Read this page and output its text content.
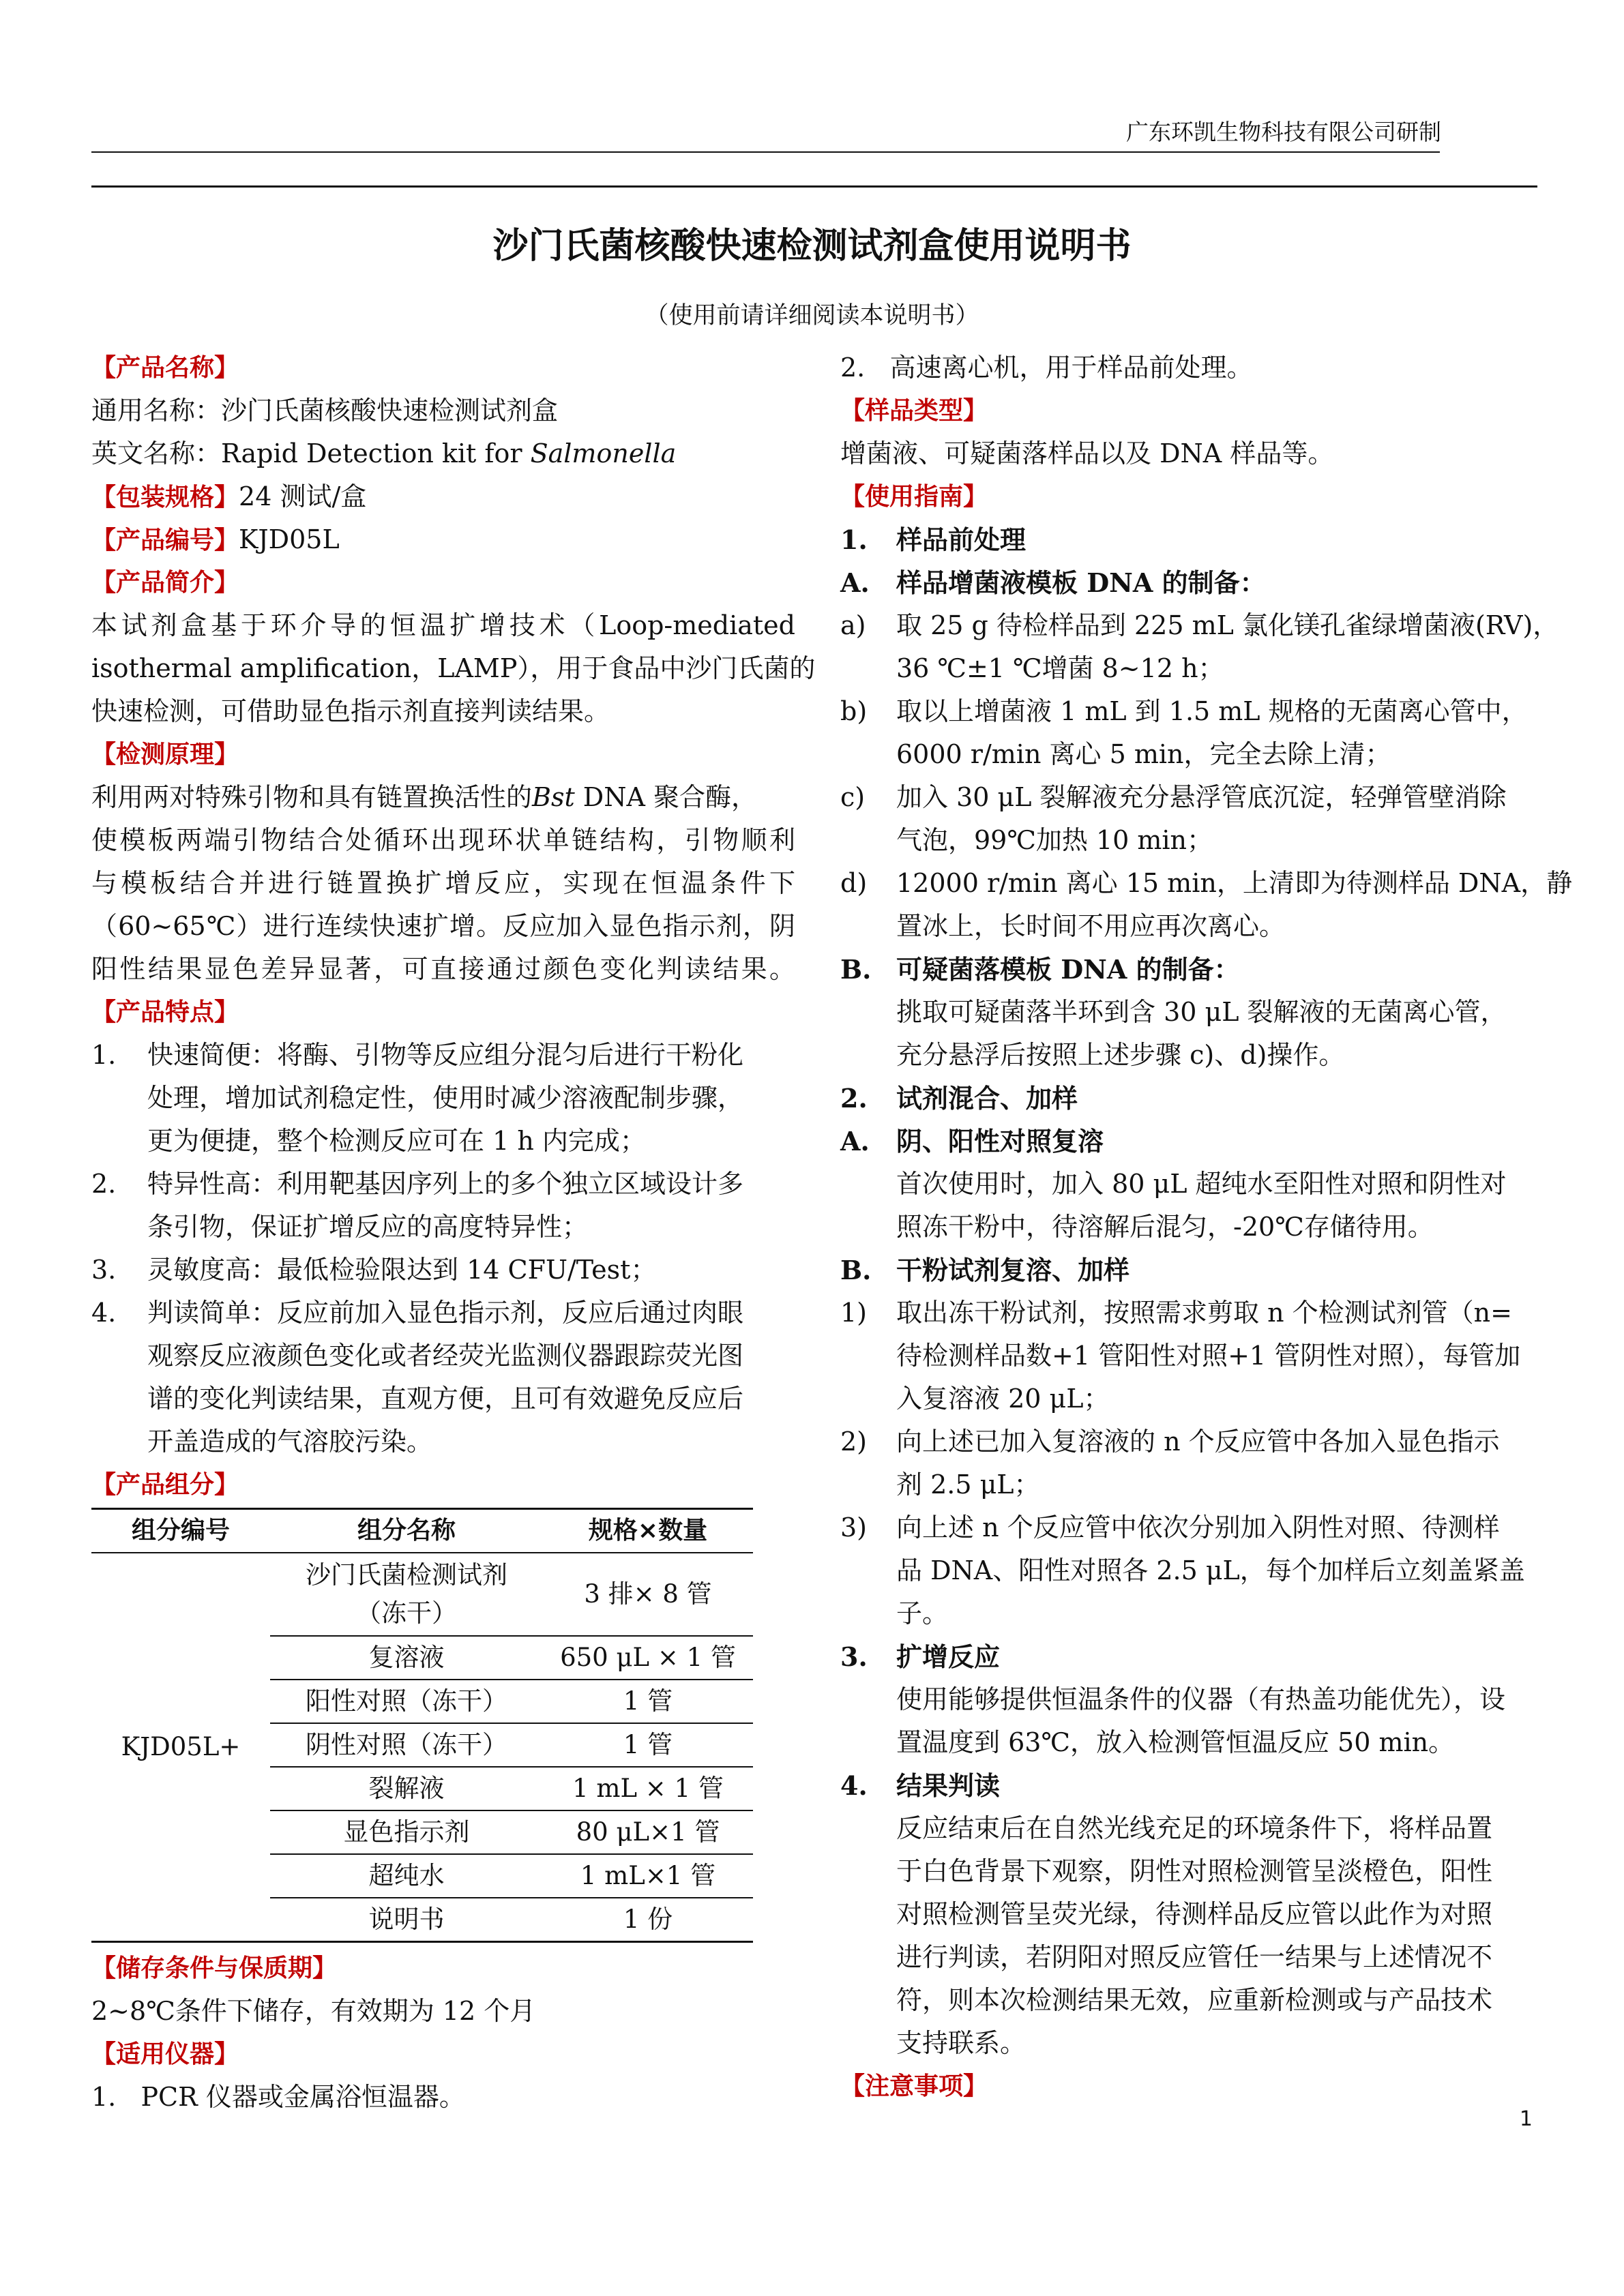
广东环凯生物科技有限公司研制
沙门氏菌核酸快速检测试剂盒使用说明书
（使用前请详细阅读本说明书）
【产品名称】
通用名称：沙门氏菌核酸快速检测试剂盒
英文名称：Rapid Detection kit for Salmonella
【包装规格】24 测试/盒
【产品编号】KJD05L
【产品简介】
本试剂盒基于环介导的恒温扩增技术（Loop-mediated
isothermal amplification，LAMP），用于食品中沙门氏菌的
快速检测，可借助显色指示剂直接判读结果。
【检测原理】
利用两对特殊引物和具有链置换活性的Bst DNA 聚合酶，
使模板两端引物结合处循环出现环状单链结构，引物顺利
与模板结合并进行链置换扩增反应，实现在恒温条件下
（60~65℃）进行连续快速扩增。反应加入显色指示剂，阴
阳性结果显色差异显著，可直接通过颜色变化判读结果。
【产品特点】
1.	快速简便：将酶、引物等反应组分混匀后进行干粉化
处理，增加试剂稳定性，使用时减少溶液配制步骤，
更为便捷，整个检测反应可在 1 h 内完成；
2.	特异性高：利用靶基因序列上的多个独立区域设计多
条引物，保证扩增反应的高度特异性；
3.	灵敏度高：最低检验限达到 14 CFU/Test；
4.	判读简单：反应前加入显色指示剂，反应后通过肉眼
观察反应液颜色变化或者经荧光监测仪器跟踪荧光图
谱的变化判读结果，直观方便，且可有效避免反应后
开盖造成的气溶胶污染。
【产品组分】
组分编号	组分名称	规格×数量
KJD05L+	沙门氏菌检测试剂（冻干）	3 排× 8 管
	复溶液	650 μL × 1 管
	阳性对照（冻干）	1 管
	阴性对照（冻干）	1 管
	裂解液	1 mL × 1 管
	显色指示剂	80 μL×1 管
	超纯水	1 mL×1 管
	说明书	1 份
【储存条件与保质期】
2~8℃条件下储存，有效期为 12 个月
【适用仪器】
1.   PCR 仪器或金属浴恒温器。
2.   高速离心机，用于样品前处理。
【样品类型】
增菌液、可疑菌落样品以及 DNA 样品等。
【使用指南】
1.	样品前处理
A.	样品增菌液模板 DNA 的制备：
a)	取 25 g 待检样品到 225 mL 氯化镁孔雀绿增菌液(RV)，
36 ℃±1 ℃增菌 8~12 h；
b)	取以上增菌液 1 mL 到 1.5 mL 规格的无菌离心管中，
6000 r/min 离心 5 min，完全去除上清；
c)	加入 30 μL 裂解液充分悬浮管底沉淀，轻弹管壁消除
气泡，99℃加热 10 min；
d)	12000 r/min 离心 15 min，上清即为待测样品 DNA，静
置冰上，长时间不用应再次离心。
B. 可疑菌落模板 DNA 的制备：
挑取可疑菌落半环到含 30 μL 裂解液的无菌离心管，
充分悬浮后按照上述步骤 c)、d)操作。
2.	试剂混合、加样
A.	阴、阳性对照复溶
首次使用时，加入 80 μL 超纯水至阳性对照和阴性对
照冻干粉中，待溶解后混匀，-20℃存储待用。
B. 干粉试剂复溶、加样
1)	取出冻干粉试剂，按照需求剪取 n 个检测试剂管（n=
待检测样品数+1 管阳性对照+1 管阴性对照），每管加
入复溶液 20 μL；
2)	向上述已加入复溶液的 n 个反应管中各加入显色指示
剂 2.5 μL；
3)	向上述 n 个反应管中依次分别加入阴性对照、待测样
品 DNA、阳性对照各 2.5 μL，每个加样后立刻盖紧盖
子。
3.	扩增反应
使用能够提供恒温条件的仪器（有热盖功能优先），设
置温度到 63℃，放入检测管恒温反应 50 min。
4.	结果判读
反应结束后在自然光线充足的环境条件下，将样品置
于白色背景下观察，阴性对照检测管呈淡橙色，阳性
对照检测管呈荧光绿，待测样品反应管以此作为对照
进行判读，若阴阳对照反应管任一结果与上述情况不
符，则本次检测结果无效，应重新检测或与产品技术
支持联系。
【注意事项】
1
